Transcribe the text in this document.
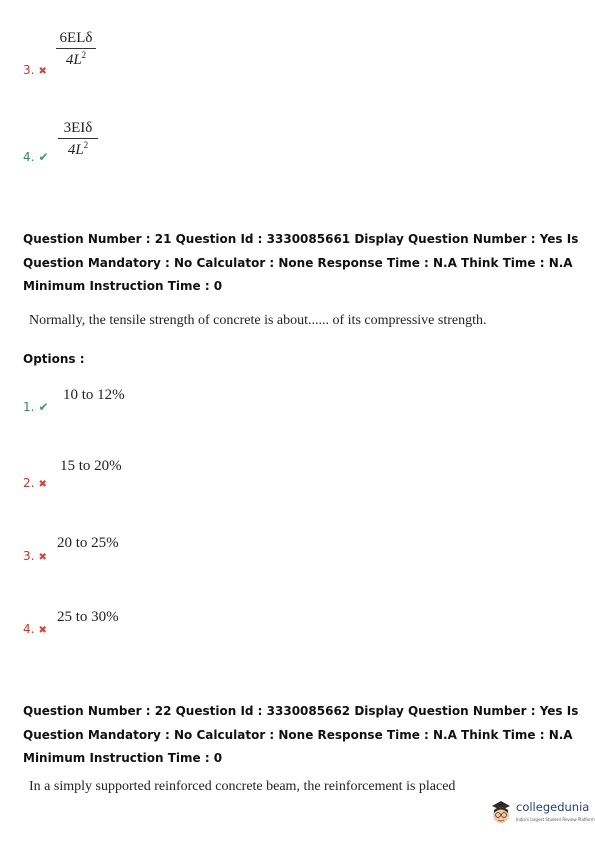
6ELδ
$4L^2$
3. ✖
3EIδ
$4L^2$
4. ✔
Question Number : 21 Question Id : 3330085661 Display Question Number : Yes Is Question Mandatory : No Calculator : None Response Time : N.A Think Time : N.A Minimum Instruction Time : 0
Normally, the tensile strength of concrete is about...... of its compressive strength.
Options :
10 to 12%
1. ✔
15 to 20%
2. ✖
20 to 25%
3. ✖
25 to 30%
4. ✖
Question Number : 22 Question Id : 3330085662 Display Question Number : Yes Is Question Mandatory : No Calculator : None Response Time : N.A Think Time : N.A Minimum Instruction Time : 0
In a simply supported reinforced concrete beam, the reinforcement is placed
collegedunia
India's largest Student Review Platform
